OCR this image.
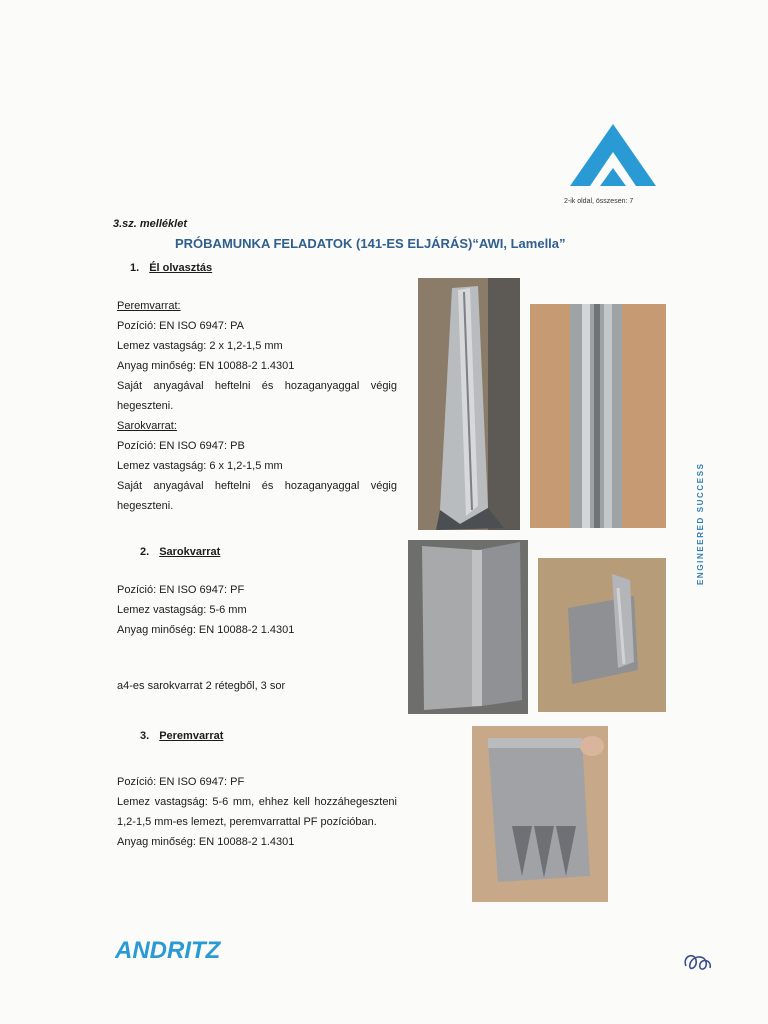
2-ik oldal, összesen: 7
3.sz. melléklet
PRÓBAMUNKA FELADATOK (141-ES ELJÁRÁS)“AWI, Lamella”
1. Él olvasztás
Peremvarrat:
Pozíció: EN ISO 6947: PA
Lemez vastagság: 2 x 1,2-1,5 mm
Anyag minőség: EN 10088-2 1.4301
Saját anyagával heftelni és hozaganyaggal végig hegeszteni.
Sarokvarrat:
Pozíció: EN ISO 6947: PB
Lemez vastagság: 6 x 1,2-1,5 mm
Saját anyagával heftelni és hozaganyaggal végig hegeszteni.
2. Sarokvarrat
Pozíció: EN ISO 6947: PF
Lemez vastagság: 5-6 mm
Anyag minőség: EN 10088-2 1.4301
a4-es sarokvarrat 2 rétegből, 3 sor
3. Peremvarrat
Pozíció: EN ISO 6947: PF
Lemez vastagság: 5-6 mm, ehhez kell hozzáhegeszteni 1,2-1,5 mm-es lemezt, peremvarrattal PF pozícióban.
Anyag minőség: EN 10088-2 1.4301
ENGINEERED SUCCESS
ANDRITZ
